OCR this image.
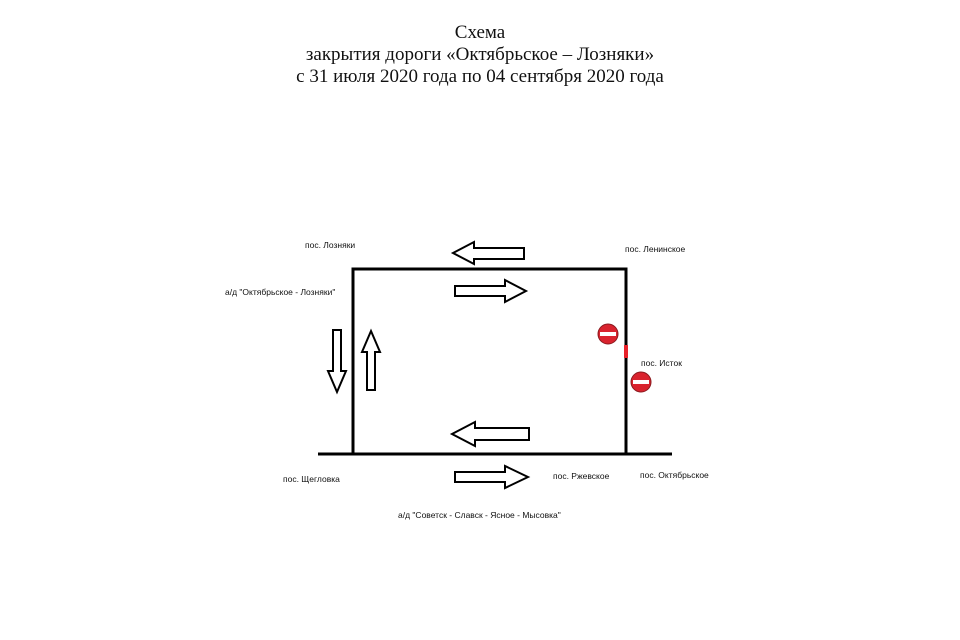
Схема
закрытия дороги «Октябрьское – Лозняки»
с 31 июля 2020 года по 04 сентября 2020 года
пос. Лозняки	пос. Ленинское
а/д "Октябрьское - Лозняки"
пос. Исток
пос. Щегловка	пос. Ржевское	пос. Октябрьское
а/д "Советск - Славск - Ясное - Мысовка"
